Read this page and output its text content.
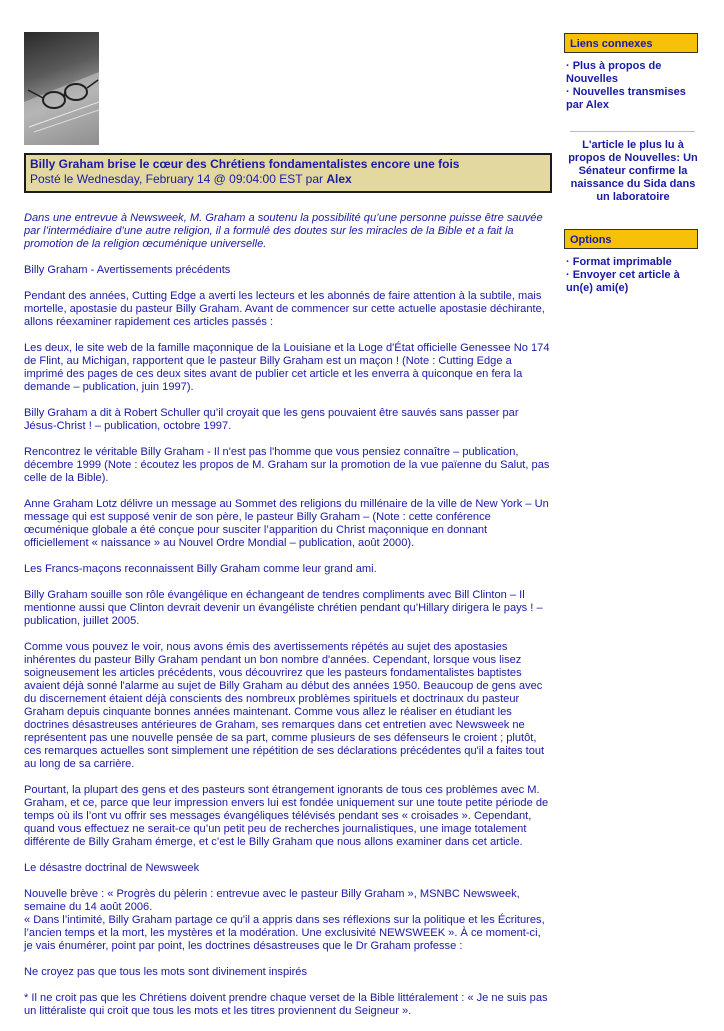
Billy Graham brise le cœur des Chrétiens fondamentalistes encore une fois
Posté le Wednesday, February 14 @ 09:04:00 EST par Alex

Dans une entrevue à Newsweek, M. Graham a soutenu la possibilité qu’une personne puisse être sauvée par l’intermédiaire d’une autre religion, il a formulé des doutes sur les miracles de la Bible et a fait la promotion de la religion œcuménique universelle.

Billy Graham - Avertissements précédents

Pendant des années, Cutting Edge a averti les lecteurs et les abonnés de faire attention à la subtile, mais mortelle, apostasie du pasteur Billy Graham. Avant de commencer sur cette actuelle apostasie déchirante, allons réexaminer rapidement ces articles passés :

Les deux, le site web de la famille maçonnique de la Louisiane et la Loge d'État officielle Genessee No 174 de Flint, au Michigan, rapportent que le pasteur Billy Graham est un maçon ! (Note : Cutting Edge a imprimé des pages de ces deux sites avant de publier cet article et les enverra à quiconque en fera la demande – publication, juin 1997).

Billy Graham a dit à Robert Schuller qu’il croyait que les gens pouvaient être sauvés sans passer par Jésus-Christ ! – publication, octobre 1997.

Rencontrez le véritable Billy Graham - Il n'est pas l'homme que vous pensiez connaître – publication, décembre 1999 (Note : écoutez les propos de M. Graham sur la promotion de la vue païenne du Salut, pas celle de la Bible).

Anne Graham Lotz délivre un message au Sommet des religions du millénaire de la ville de New York – Un message qui est supposé venir de son père, le pasteur Billy Graham – (Note : cette conférence œcuménique globale a été conçue pour susciter l’apparition du Christ maçonnique en donnant officiellement « naissance » au Nouvel Ordre Mondial – publication, août 2000).

Les Francs-maçons reconnaissent Billy Graham comme leur grand ami.

Billy Graham souille son rôle évangélique en échangeant de tendres compliments avec Bill Clinton – Il mentionne aussi que Clinton devrait devenir un évangéliste chrétien pendant qu’Hillary dirigera le pays ! – publication, juillet 2005.

Comme vous pouvez le voir, nous avons émis des avertissements répétés au sujet des apostasies inhérentes du pasteur Billy Graham pendant un bon nombre d'années. Cependant, lorsque vous lisez soigneusement les articles précédents, vous découvrirez que les pasteurs fondamentalistes baptistes avaient déjà sonné l'alarme au sujet de Billy Graham au début des années 1950. Beaucoup de gens avec du discernement étaient déjà conscients des nombreux problèmes spirituels et doctrinaux du pasteur Graham depuis cinquante bonnes années maintenant. Comme vous allez le réaliser en étudiant les doctrines désastreuses antérieures de Graham, ses remarques dans cet entretien avec Newsweek ne représentent pas une nouvelle pensée de sa part, comme plusieurs de ses défenseurs le croient ; plutôt, ces remarques actuelles sont simplement une répétition de ses déclarations précédentes qu'il a faites tout au long de sa carrière.

Pourtant, la plupart des gens et des pasteurs sont étrangement ignorants de tous ces problèmes avec M. Graham, et ce, parce que leur impression envers lui est fondée uniquement sur une toute petite période de temps où ils l’ont vu offrir ses messages évangéliques télévisés pendant ses « croisades ». Cependant, quand vous effectuez ne serait-ce qu’un petit peu de recherches journalistiques, une image totalement différente de Billy Graham émerge, et c’est le Billy Graham que nous allons examiner dans cet article.

Le désastre doctrinal de Newsweek

Nouvelle brève : « Progrès du pèlerin : entrevue avec le pasteur Billy Graham », MSNBC Newsweek, semaine du 14 août 2006.
« Dans l’intimité, Billy Graham partage ce qu'il a appris dans ses réflexions sur la politique et les Écritures, l’ancien temps et la mort, les mystères et la modération. Une exclusivité NEWSWEEK ». À ce moment-ci, je vais énumérer, point par point, les doctrines désastreuses que le Dr Graham professe :

Ne croyez pas que tous les mots sont divinement inspirés

* Il ne croit pas que les Chrétiens doivent prendre chaque verset de la Bible littéralement : « Je ne suis pas un littéraliste qui croit que tous les mots et les titres proviennent du Seigneur ».

Liens connexes
· Plus à propos de Nouvelles
· Nouvelles transmises par Alex
L'article le plus lu à propos de Nouvelles: Un Sénateur confirme la naissance du Sida dans un laboratoire
Options
· Format imprimable
· Envoyer cet article à un(e) ami(e)
